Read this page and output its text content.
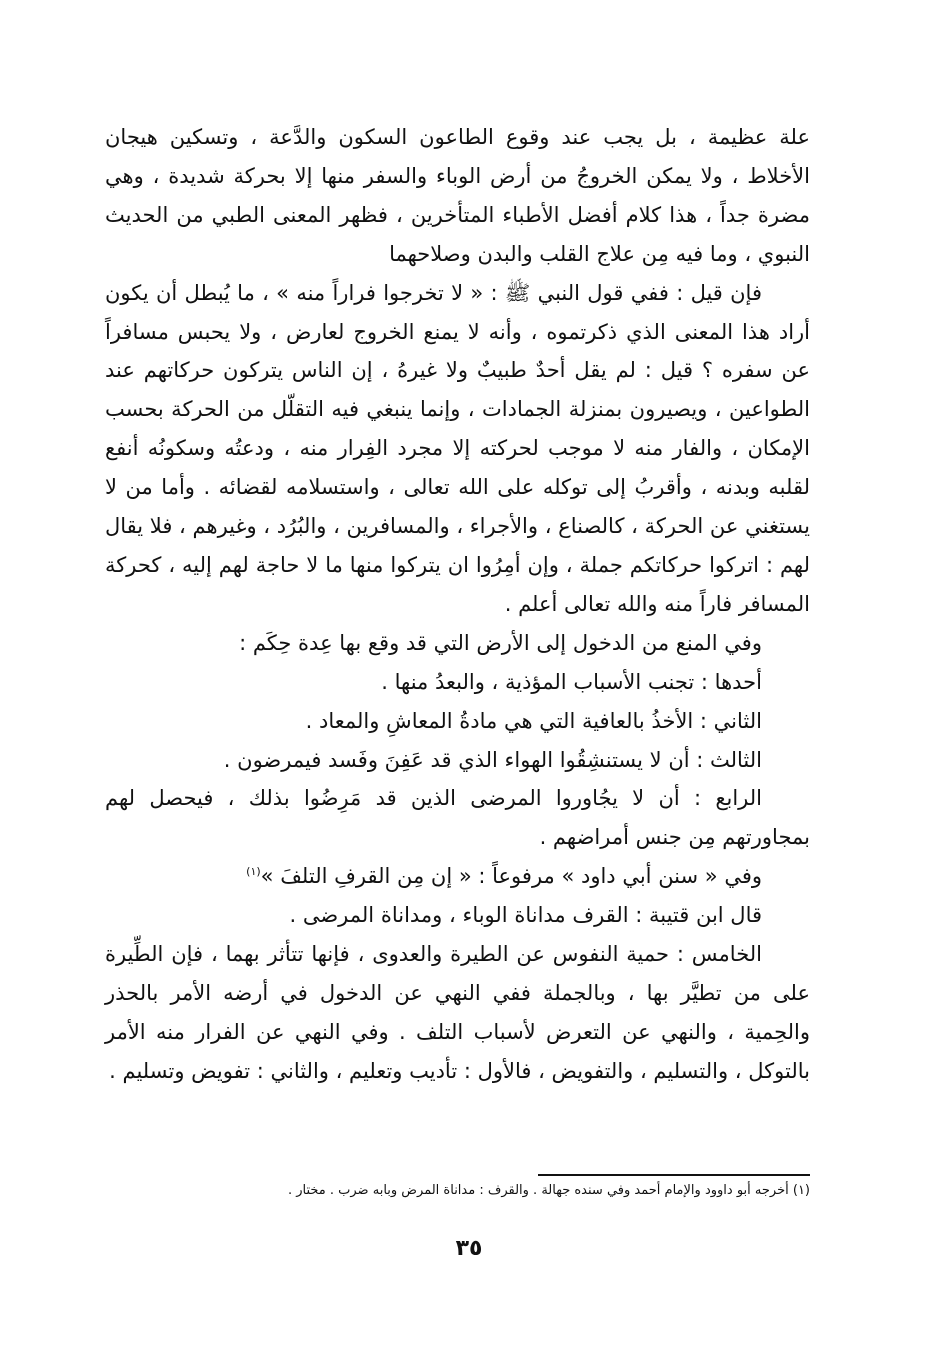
علة عظيمة ، بل يجب عند وقوع الطاعون السكون والدَّعة ، وتسكين هيجان الأخلاط ، ولا يمكن الخروجُ من أرض الوباء والسفر منها إلا بحركة شديدة ، وهي مضرة جداً ، هذا كلام أفضل الأطباء المتأخرين ، فظهر المعنى الطبي من الحديث النبوي ، وما فيه مِن علاج القلب والبدن وصلاحهما

فإن قيل : ففي قول النبي ﷺ : « لا تخرجوا فراراً منه » ، ما يُبطل أن يكون أراد هذا المعنى الذي ذكرتموه ، وأنه لا يمنع الخروج لعارض ، ولا يحبس مسافراً عن سفره ؟ قيل : لم يقل أحدٌ طبيبٌ ولا غيرهُ ، إن الناس يتركون حركاتهم عند الطواعين ، ويصيرون بمنزلة الجمادات ، وإنما ينبغي فيه التقلّل من الحركة بحسب الإمكان ، والفار منه لا موجب لحركته إلا مجرد الفِرار منه ، ودعتُه وسكونُه أنفع لقلبه وبدنه ، وأقربُ إلى توكله على الله تعالى ، واستسلامه لقضائه . وأما من لا يستغني عن الحركة ، كالصناع ، والأجراء ، والمسافرين ، والبُرُد ، وغيرهم ، فلا يقال لهم : اتركوا حركاتكم جملة ، وإن أمِرُوا ان يتركوا منها ما لا حاجة لهم إليه ، كحركة المسافر فاراً منه والله تعالى أعلم .

وفي المنع من الدخول إلى الأرض التي قد وقع بها عِدة حِكَم :

أحدها : تجنب الأسباب المؤذية ، والبعدُ منها .

الثاني : الأخذُ بالعافية التي هي مادةُ المعاشِ والمعاد .

الثالث : أن لا يستنشِقُوا الهواء الذي قد عَفِنَ وفَسد فيمرضون .

الرابع : أن لا يجُاوروا المرضى الذين قد مَرِضُوا بذلك ، فيحصل لهم بمجاورتهم مِن جنس أمراضهم .

وفي « سنن أبي داود » مرفوعاً : « إن مِن القرفِ التلفَ »$^{(١)}$

قال ابن قتيبة : القرف مداناة الوباء ، ومداناة المرضى .

الخامس : حمية النفوس عن الطيرة والعدوى ، فإنها تتأثر بهما ، فإن الطِّيرة على من تطيَّر بها ، وبالجملة ففي النهي عن الدخول في أرضه الأمر بالحذر والحِمية ، والنهي عن التعرض لأسباب التلف . وفي النهي عن الفرار منه الأمر بالتوكل ، والتسليم ، والتفويض ، فالأول : تأديب وتعليم ، والثاني : تفويض وتسليم .

(١) أخرجه أبو داوود والإمام أحمد وفي سنده جهالة . والقرف : مداناة المرض وبابه ضرب . مختار .
٣٥
